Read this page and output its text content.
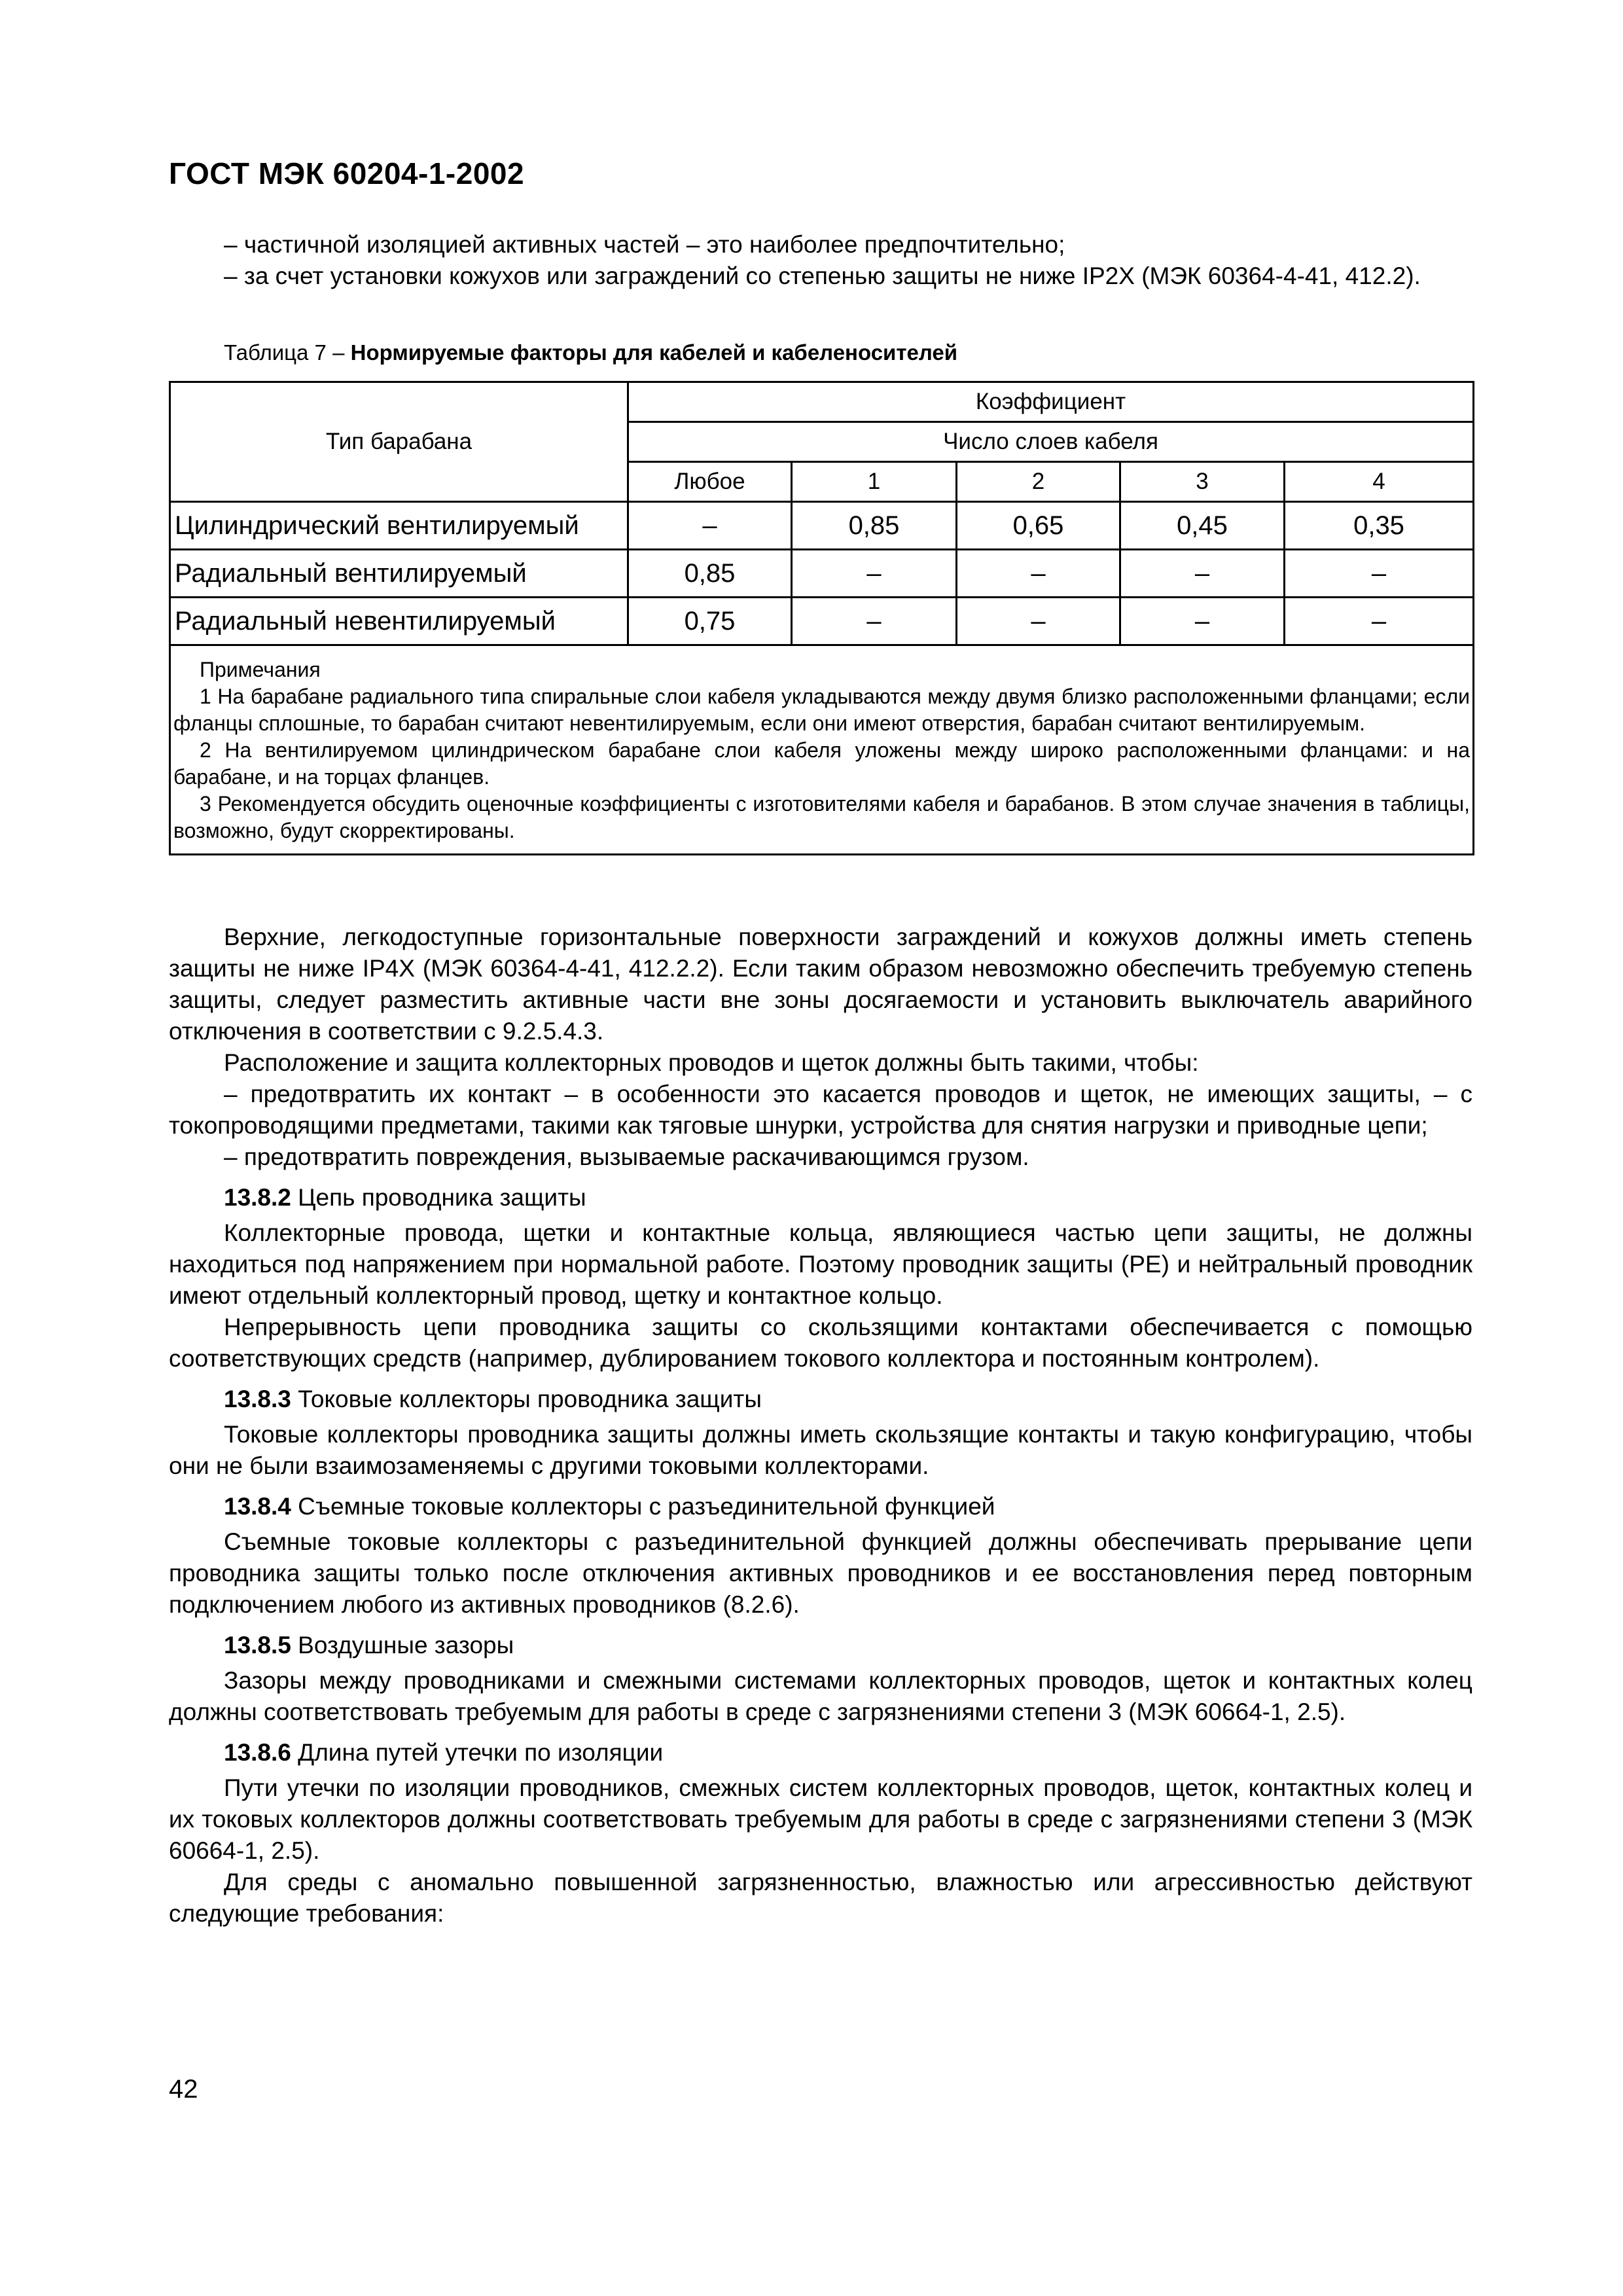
ГОСТ МЭК 60204-1-2002

– частичной изоляцией активных частей – это наиболее предпочтительно;

– за счет установки кожухов или заграждений со степенью защиты не ниже IP2X (МЭК 60364-4-41, 412.2).

Таблица 7 – Нормируемые факторы для кабелей и кабеленосителей

Тип барабана	Коэффициент				
	Число слоев кабеля				
	Любое	1	2	3	4
Цилиндрический вентилируемый	–	0,85	0,65	0,45	0,35
Радиальный вентилируемый	0,85	–	–	–	–
Радиальный невентилируемый	0,75	–	–	–	–

Примечания

1 На барабане радиального типа спиральные слои кабеля укладываются между двумя близко расположенными фланцами; если фланцы сплошные, то барабан считают невентилируемым, если они имеют отверстия, барабан считают вентилируемым.

2 На вентилируемом цилиндрическом барабане слои кабеля уложены между широко расположенными фланцами: и на барабане, и на торцах фланцев.

3 Рекомендуется обсудить оценочные коэффициенты с изготовителями кабеля и барабанов. В этом случае значения в таблицы, возможно, будут скорректированы.					

Верхние, легкодоступные горизонтальные поверхности заграждений и кожухов должны иметь степень защиты не ниже IP4X (МЭК 60364-4-41, 412.2.2). Если таким образом невозможно обеспечить требуемую степень защиты, следует разместить активные части вне зоны досягаемости и установить выключатель аварийного отключения в соответствии с 9.2.5.4.3.

Расположение и защита коллекторных проводов и щеток должны быть такими, чтобы:

– предотвратить их контакт – в особенности это касается проводов и щеток, не имеющих защиты, – с токопроводящими предметами, такими как тяговые шнурки, устройства для снятия нагрузки и приводные цепи;

– предотвратить повреждения, вызываемые раскачивающимся грузом.

13.8.2 Цепь проводника защиты

Коллекторные провода, щетки и контактные кольца, являющиеся частью цепи защиты, не должны находиться под напряжением при нормальной работе. Поэтому проводник защиты (PE) и нейтральный проводник имеют отдельный коллекторный провод, щетку и контактное кольцо.

Непрерывность цепи проводника защиты со скользящими контактами обеспечивается с помощью соответствующих средств (например, дублированием токового коллектора и постоянным контролем).

13.8.3 Токовые коллекторы проводника защиты

Токовые коллекторы проводника защиты должны иметь скользящие контакты и такую конфигурацию, чтобы они не были взаимозаменяемы с другими токовыми коллекторами.

13.8.4 Съемные токовые коллекторы с разъединительной функцией

Съемные токовые коллекторы с разъединительной функцией должны обеспечивать прерывание цепи проводника защиты только после отключения активных проводников и ее восстановления перед повторным подключением любого из активных проводников (8.2.6).

13.8.5 Воздушные зазоры

Зазоры между проводниками и смежными системами коллекторных проводов, щеток и контактных колец должны соответствовать требуемым для работы в среде с загрязнениями степени 3 (МЭК 60664-1, 2.5).

13.8.6 Длина путей утечки по изоляции

Пути утечки по изоляции проводников, смежных систем коллекторных проводов, щеток, контактных колец и их токовых коллекторов должны соответствовать требуемым для работы в среде с загрязнениями степени 3 (МЭК 60664-1, 2.5).

Для среды с аномально повышенной загрязненностью, влажностью или агрессивностью действуют следующие требования:

42
